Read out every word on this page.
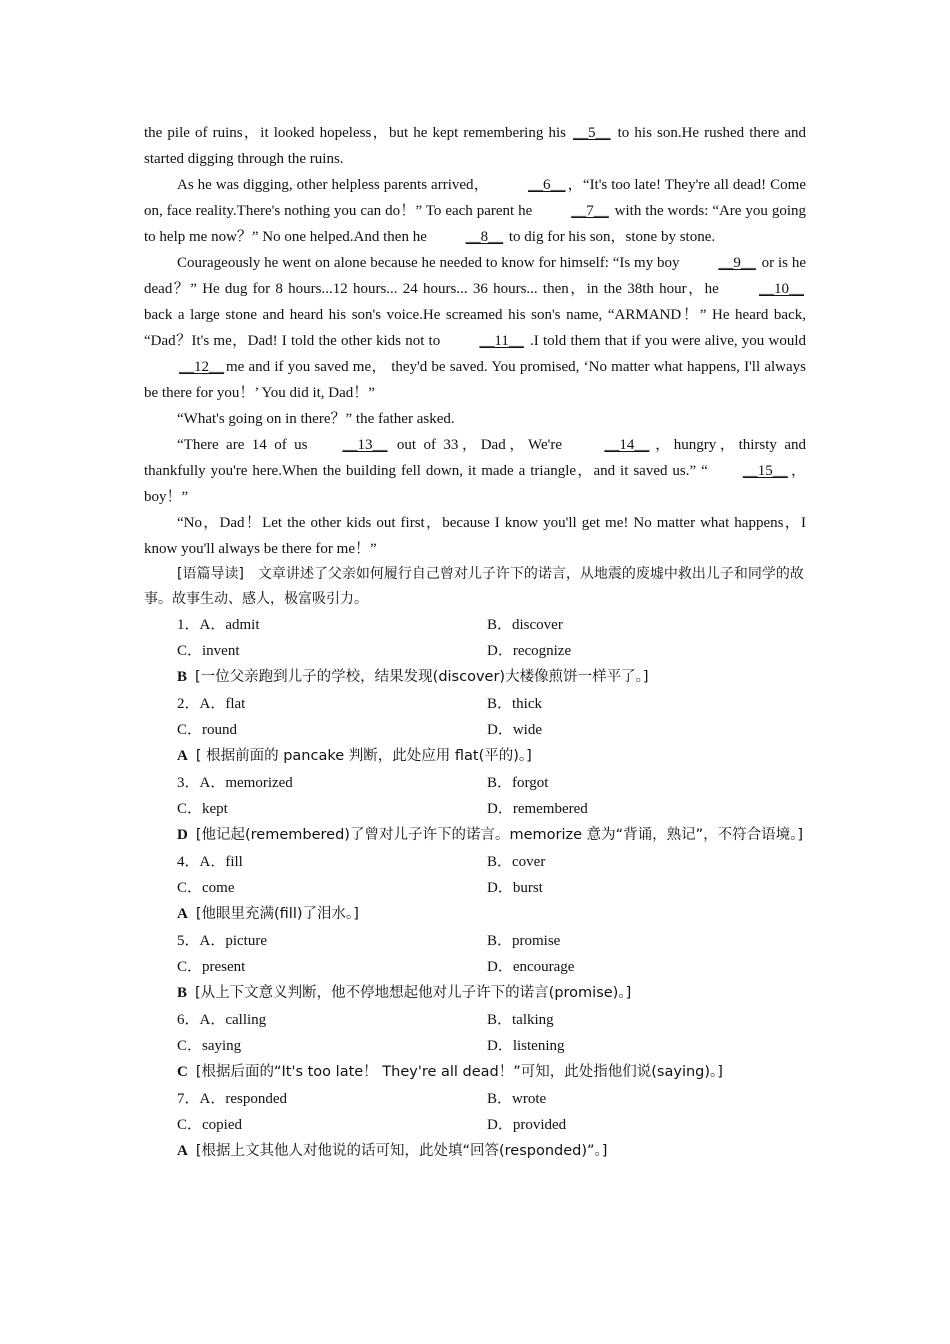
the pile of ruins，it looked hopeless，but he kept remembering his __5__ to his son.He rushed there and started digging through the ruins.

As he was digging, other helpless parents arrived， __6__ ，“It's too late! They're all dead! Come on, face reality.There's nothing you can do！” To each parent he __7__ with the words: “Are you going to help me now？” No one helped.And then he __8__ to dig for his son，stone by stone.

Courageously he went on alone because he needed to know for himself: “Is my boy __9__ or is he dead？” He dug for 8 hours...12 hours... 24 hours... 36 hours... then，in the 38th hour，he __10__ back a large stone and heard his son's voice.He screamed his son's name, “ARMAND！” He heard back, “Dad？It's me，Dad! I told the other kids not to __11__ .I told them that if you were alive, you would __12__ me and if you saved me， they'd be saved. You promised, ‘No matter what happens, I'll always be there for you！’ You did it, Dad！”

“What's going on in there？” the father asked.

“There are 14 of us __13__ out of 33，Dad，We're __14__ ，hungry，thirsty and thankfully you're here.When the building fell down, it made a triangle，and it saved us.” “ __15__ ，boy！”

“No，Dad！Let the other kids out first，because I know you'll get me! No matter what happens，I know you'll always be there for me！”

[语篇导读]　文章讲述了父亲如何履行自己曾对儿子许下的诺言，从地震的废墟中救出儿子和同学的故事。故事生动、感人，极富吸引力。

1．A．admit	B．discover
C．invent	D．recognize

B [一位父亲跑到儿子的学校，结果发现(discover)大楼像煎饼一样平了。]

2．A．flat	B．thick
C．round	D．wide

A [ 根据前面的 pancake 判断，此处应用 flat(平的)。]

3．A．memorized	B．forgot
C．kept	D．remembered

D [他记起(remembered)了曾对儿子许下的诺言。memorize 意为“背诵，熟记”，不符合语境。]

4．A．fill	B．cover
C．come	D．burst

A [他眼里充满(fill)了泪水。]

5．A．picture	B．promise
C．present	D．encourage

B [从上下文意义判断，他不停地想起他对儿子许下的诺言(promise)。]

6．A．calling	B．talking
C．saying	D．listening

C [根据后面的“It's too late！ They're all dead！”可知，此处指他们说(saying)。]

7．A．responded	B．wrote
C．copied	D．provided

A [根据上文其他人对他说的话可知，此处填“回答(responded)”。]
